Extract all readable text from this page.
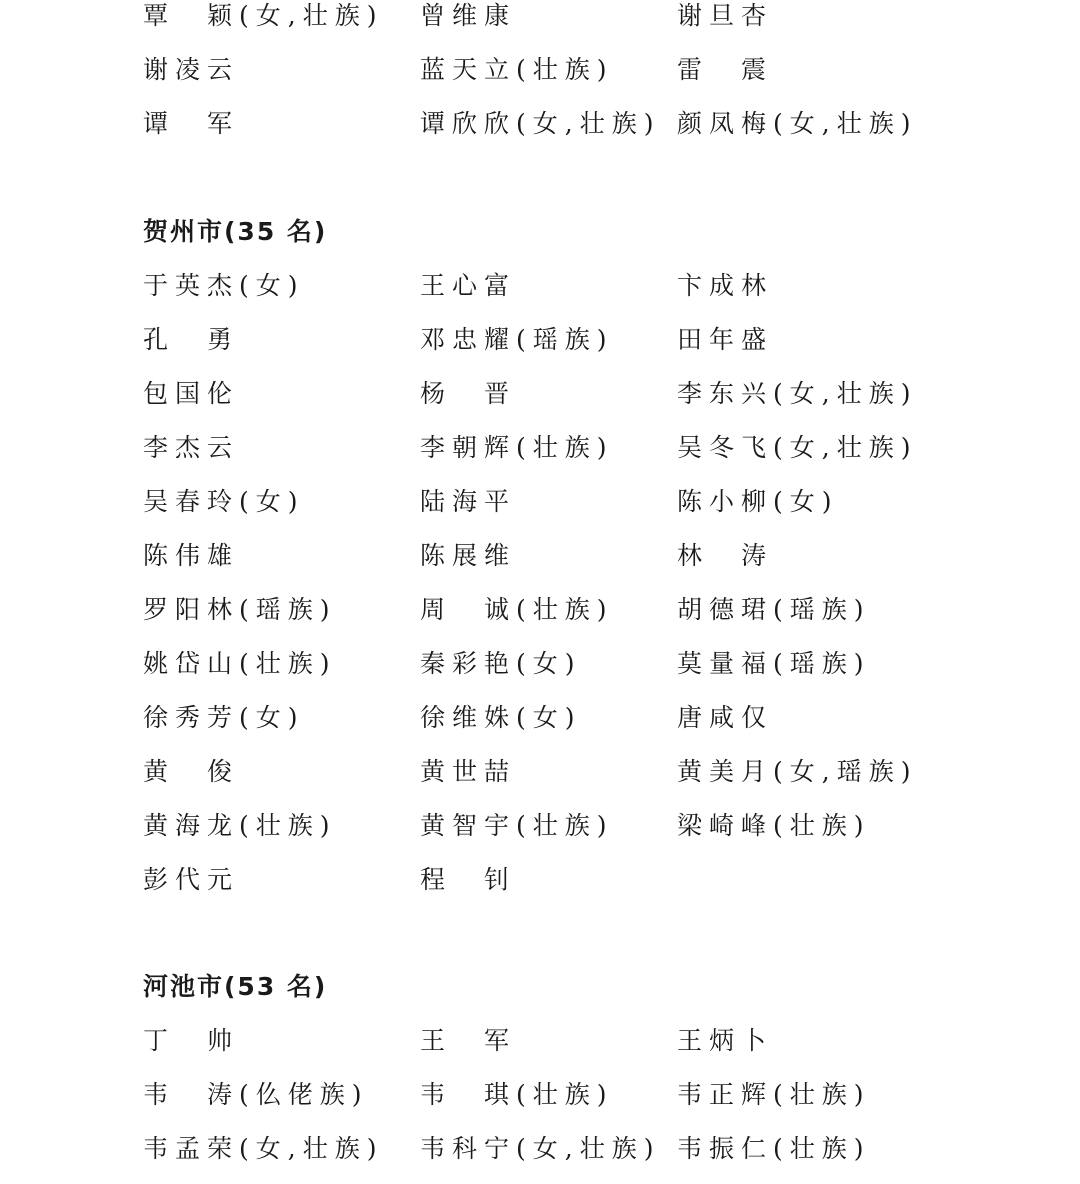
覃　颖(女,壮族) 曾维康	谢旦杏
谢凌云	蓝天立(壮族)	雷　震
谭　军	谭欣欣(女,壮族) 颜凤梅(女,壮族)
贺州市(35 名)
于英杰(女)	王心富	卞成林
孔　勇	邓忠耀(瑶族)	田年盛
包国伦	杨　晋	李东兴(女,壮族)
李杰云	李朝辉(壮族)	吴冬飞(女,壮族)
吴春玲(女)	陆海平	陈小柳(女)
陈伟雄	陈展维	林　涛
罗阳林(瑶族)	周　诚(壮族)	胡德珺(瑶族)
姚岱山(壮族)	秦彩艳(女)	莫量福(瑶族)
徐秀芳(女)	徐维姝(女)	唐咸仅
黄　俊	黄世喆	黄美月(女,瑶族)
黄海龙(壮族)	黄智宇(壮族)	梁崎峰(壮族)
彭代元	程　钊
河池市(53 名)
丁　帅	王　军	王炳卜
韦　涛(仫佬族) 韦　琪(壮族)	韦正辉(壮族)
韦孟荣(女,壮族) 韦科宁(女,壮族) 韦振仁(壮族)
